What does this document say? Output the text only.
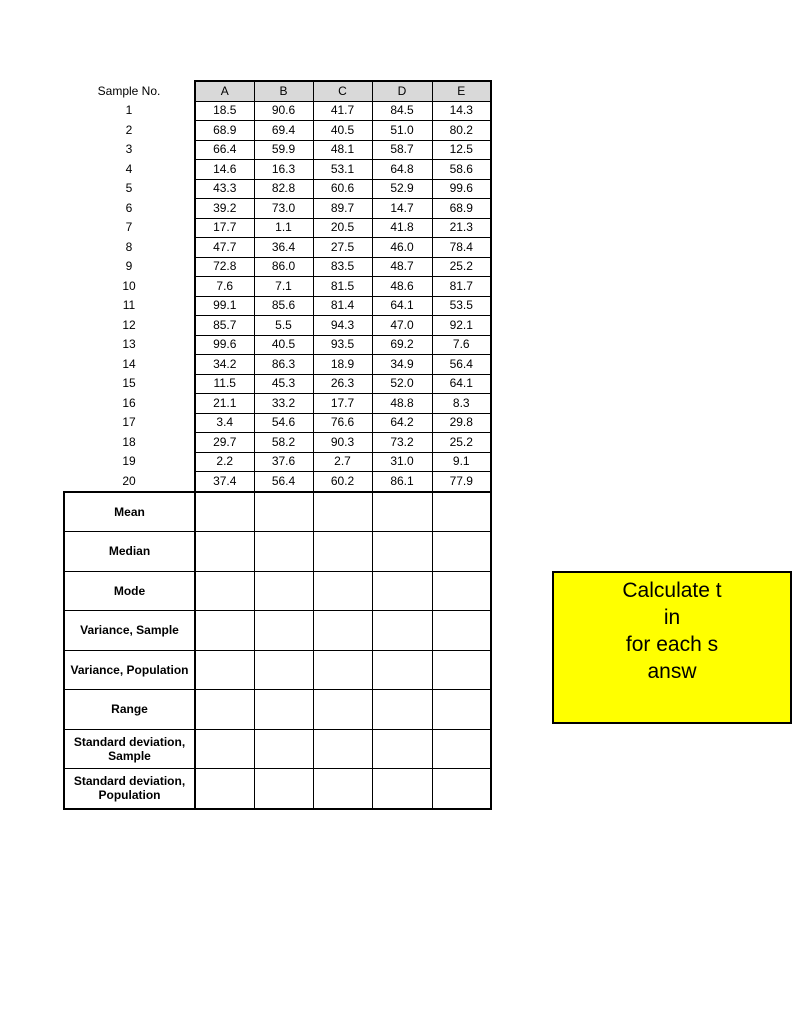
Sample No.	A	B	C	D	E
1	18.5	90.6	41.7	84.5	14.3
2	68.9	69.4	40.5	51.0	80.2
3	66.4	59.9	48.1	58.7	12.5
4	14.6	16.3	53.1	64.8	58.6
5	43.3	82.8	60.6	52.9	99.6
6	39.2	73.0	89.7	14.7	68.9
7	17.7	1.1	20.5	41.8	21.3
8	47.7	36.4	27.5	46.0	78.4
9	72.8	86.0	83.5	48.7	25.2
10	7.6	7.1	81.5	48.6	81.7
11	99.1	85.6	81.4	64.1	53.5
12	85.7	5.5	94.3	47.0	92.1
13	99.6	40.5	93.5	69.2	7.6
14	34.2	86.3	18.9	34.9	56.4
15	11.5	45.3	26.3	52.0	64.1
16	21.1	33.2	17.7	48.8	8.3
17	3.4	54.6	76.6	64.2	29.8
18	29.7	58.2	90.3	73.2	25.2
19	2.2	37.6	2.7	31.0	9.1
20	37.4	56.4	60.2	86.1	77.9
Mean					
Median					
Mode					
Variance, Sample					
Variance, Population					
Range					

Standard deviation,
Sample					

Standard deviation,
Population					

Calculate t
in
for each s
answ
